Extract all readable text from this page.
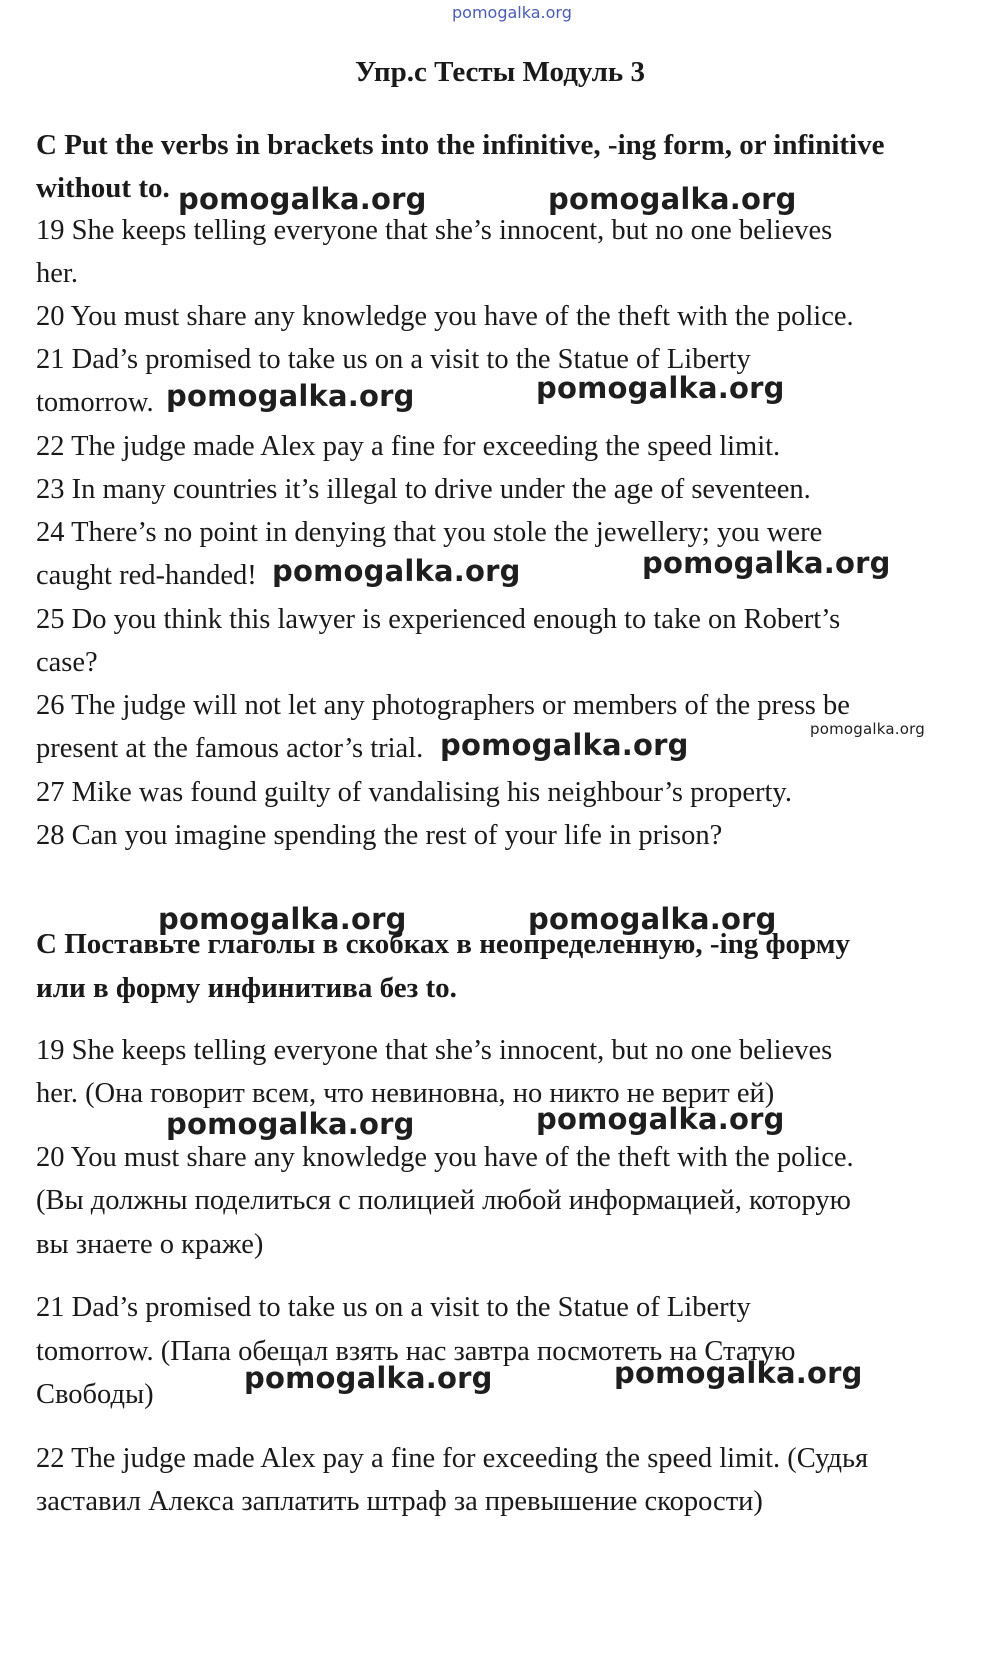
pomogalka.org
Упр.c Тесты Модуль 3
C Put the verbs in brackets into the infinitive, -ing form, or infinitive
without to.
19 She keeps telling everyone that she’s innocent, but no one believes
her.
20 You must share any knowledge you have of the theft with the police.
21 Dad’s promised to take us on a visit to the Statue of Liberty
tomorrow.
22 The judge made Alex pay a fine for exceeding the speed limit.
23 In many countries it’s illegal to drive under the age of seventeen.
24 There’s no point in denying that you stole the jewellery; you were
caught red-handed!
25 Do you think this lawyer is experienced enough to take on Robert’s
case?
26 The judge will not let any photographers or members of the press be
present at the famous actor’s trial.
27 Mike was found guilty of vandalising his neighbour’s property.
28 Can you imagine spending the rest of your life in prison?
C Поставьте глаголы в скобках в неопределенную, -ing форму
или в форму инфинитива без to.
19 She keeps telling everyone that she’s innocent, but no one believes
her. (Она говорит всем, что невиновна, но никто не верит ей)
20 You must share any knowledge you have of the theft with the police.
(Вы должны поделиться с полицией любой информацией, которую
вы знаете о краже)
21 Dad’s promised to take us on a visit to the Statue of Liberty
tomorrow. (Папа обещал взять нас завтра посмотеть на Статую
Свободы)
22 The judge made Alex pay a fine for exceeding the speed limit. (Судья
заставил Алекса заплатить штраф за превышение скорости)
pomogalka.org	pomogalka.org
pomogalka.org	pomogalka.org
pomogalka.org	pomogalka.org
pomogalka.org	pomogalka.org
pomogalka.org	pomogalka.org
pomogalka.org	pomogalka.org
pomogalka.org	pomogalka.org
